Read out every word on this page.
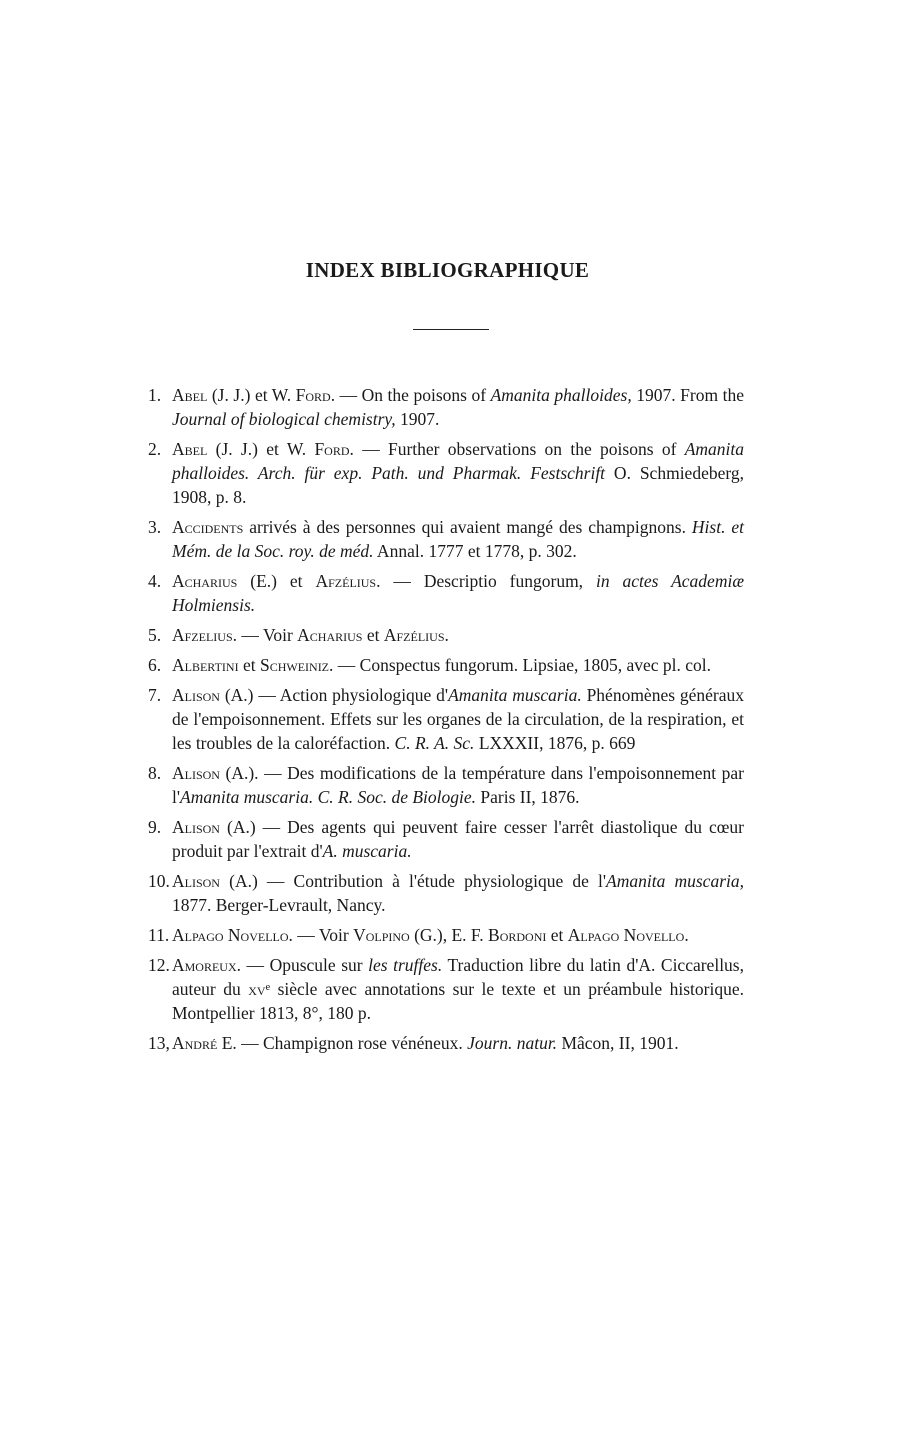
INDEX BIBLIOGRAPHIQUE
1. Abel (J. J.) et W. Ford. — On the poisons of Amanita phalloides, 1907. From the Journal of biological chemistry, 1907.
2. Abel (J. J.) et W. Ford. — Further observations on the poisons of Amanita phalloides. Arch. für exp. Path. und Pharmak. Festschrift O. Schmiedeberg, 1908, p. 8.
3. Accidents arrivés à des personnes qui avaient mangé des champignons. Hist. et Mém. de la Soc. roy. de méd. Annal. 1777 et 1778, p. 302.
4. Acharius (E.) et Afzélius. — Descriptio fungorum, in actes Academiæ Holmiensis.
5. Afzelius. — Voir Acharius et Afzélius.
6. Albertini et Schweiniz. — Conspectus fungorum. Lipsiae, 1805, avec pl. col.
7. Alison (A.) — Action physiologique d'Amanita muscaria. Phénomènes généraux de l'empoisonnement. Effets sur les organes de la circulation, de la respiration, et les troubles de la caloréfaction. C. R. A. Sc. LXXXII, 1876, p. 669
8. Alison (A.). — Des modifications de la température dans l'empoisonnement par l'Amanita muscaria. C. R. Soc. de Biologie. Paris II, 1876.
9. Alison (A.) — Des agents qui peuvent faire cesser l'arrêt diastolique du cœur produit par l'extrait d'A. muscaria.
10. Alison (A.) — Contribution à l'étude physiologique de l'Amanita muscaria, 1877. Berger-Levrault, Nancy.
11. Alpago Novello. — Voir Volpino (G.), E. F. Bordoni et Alpago Novello.
12. Amoreux. — Opuscule sur les truffes. Traduction libre du latin d'A. Ciccarellus, auteur du xvᵉ siècle avec annotations sur le texte et un préambule historique. Montpellier 1813, 8°, 180 p.
13, André E. — Champignon rose vénéneux. Journ. natur. Mâcon, II, 1901.
